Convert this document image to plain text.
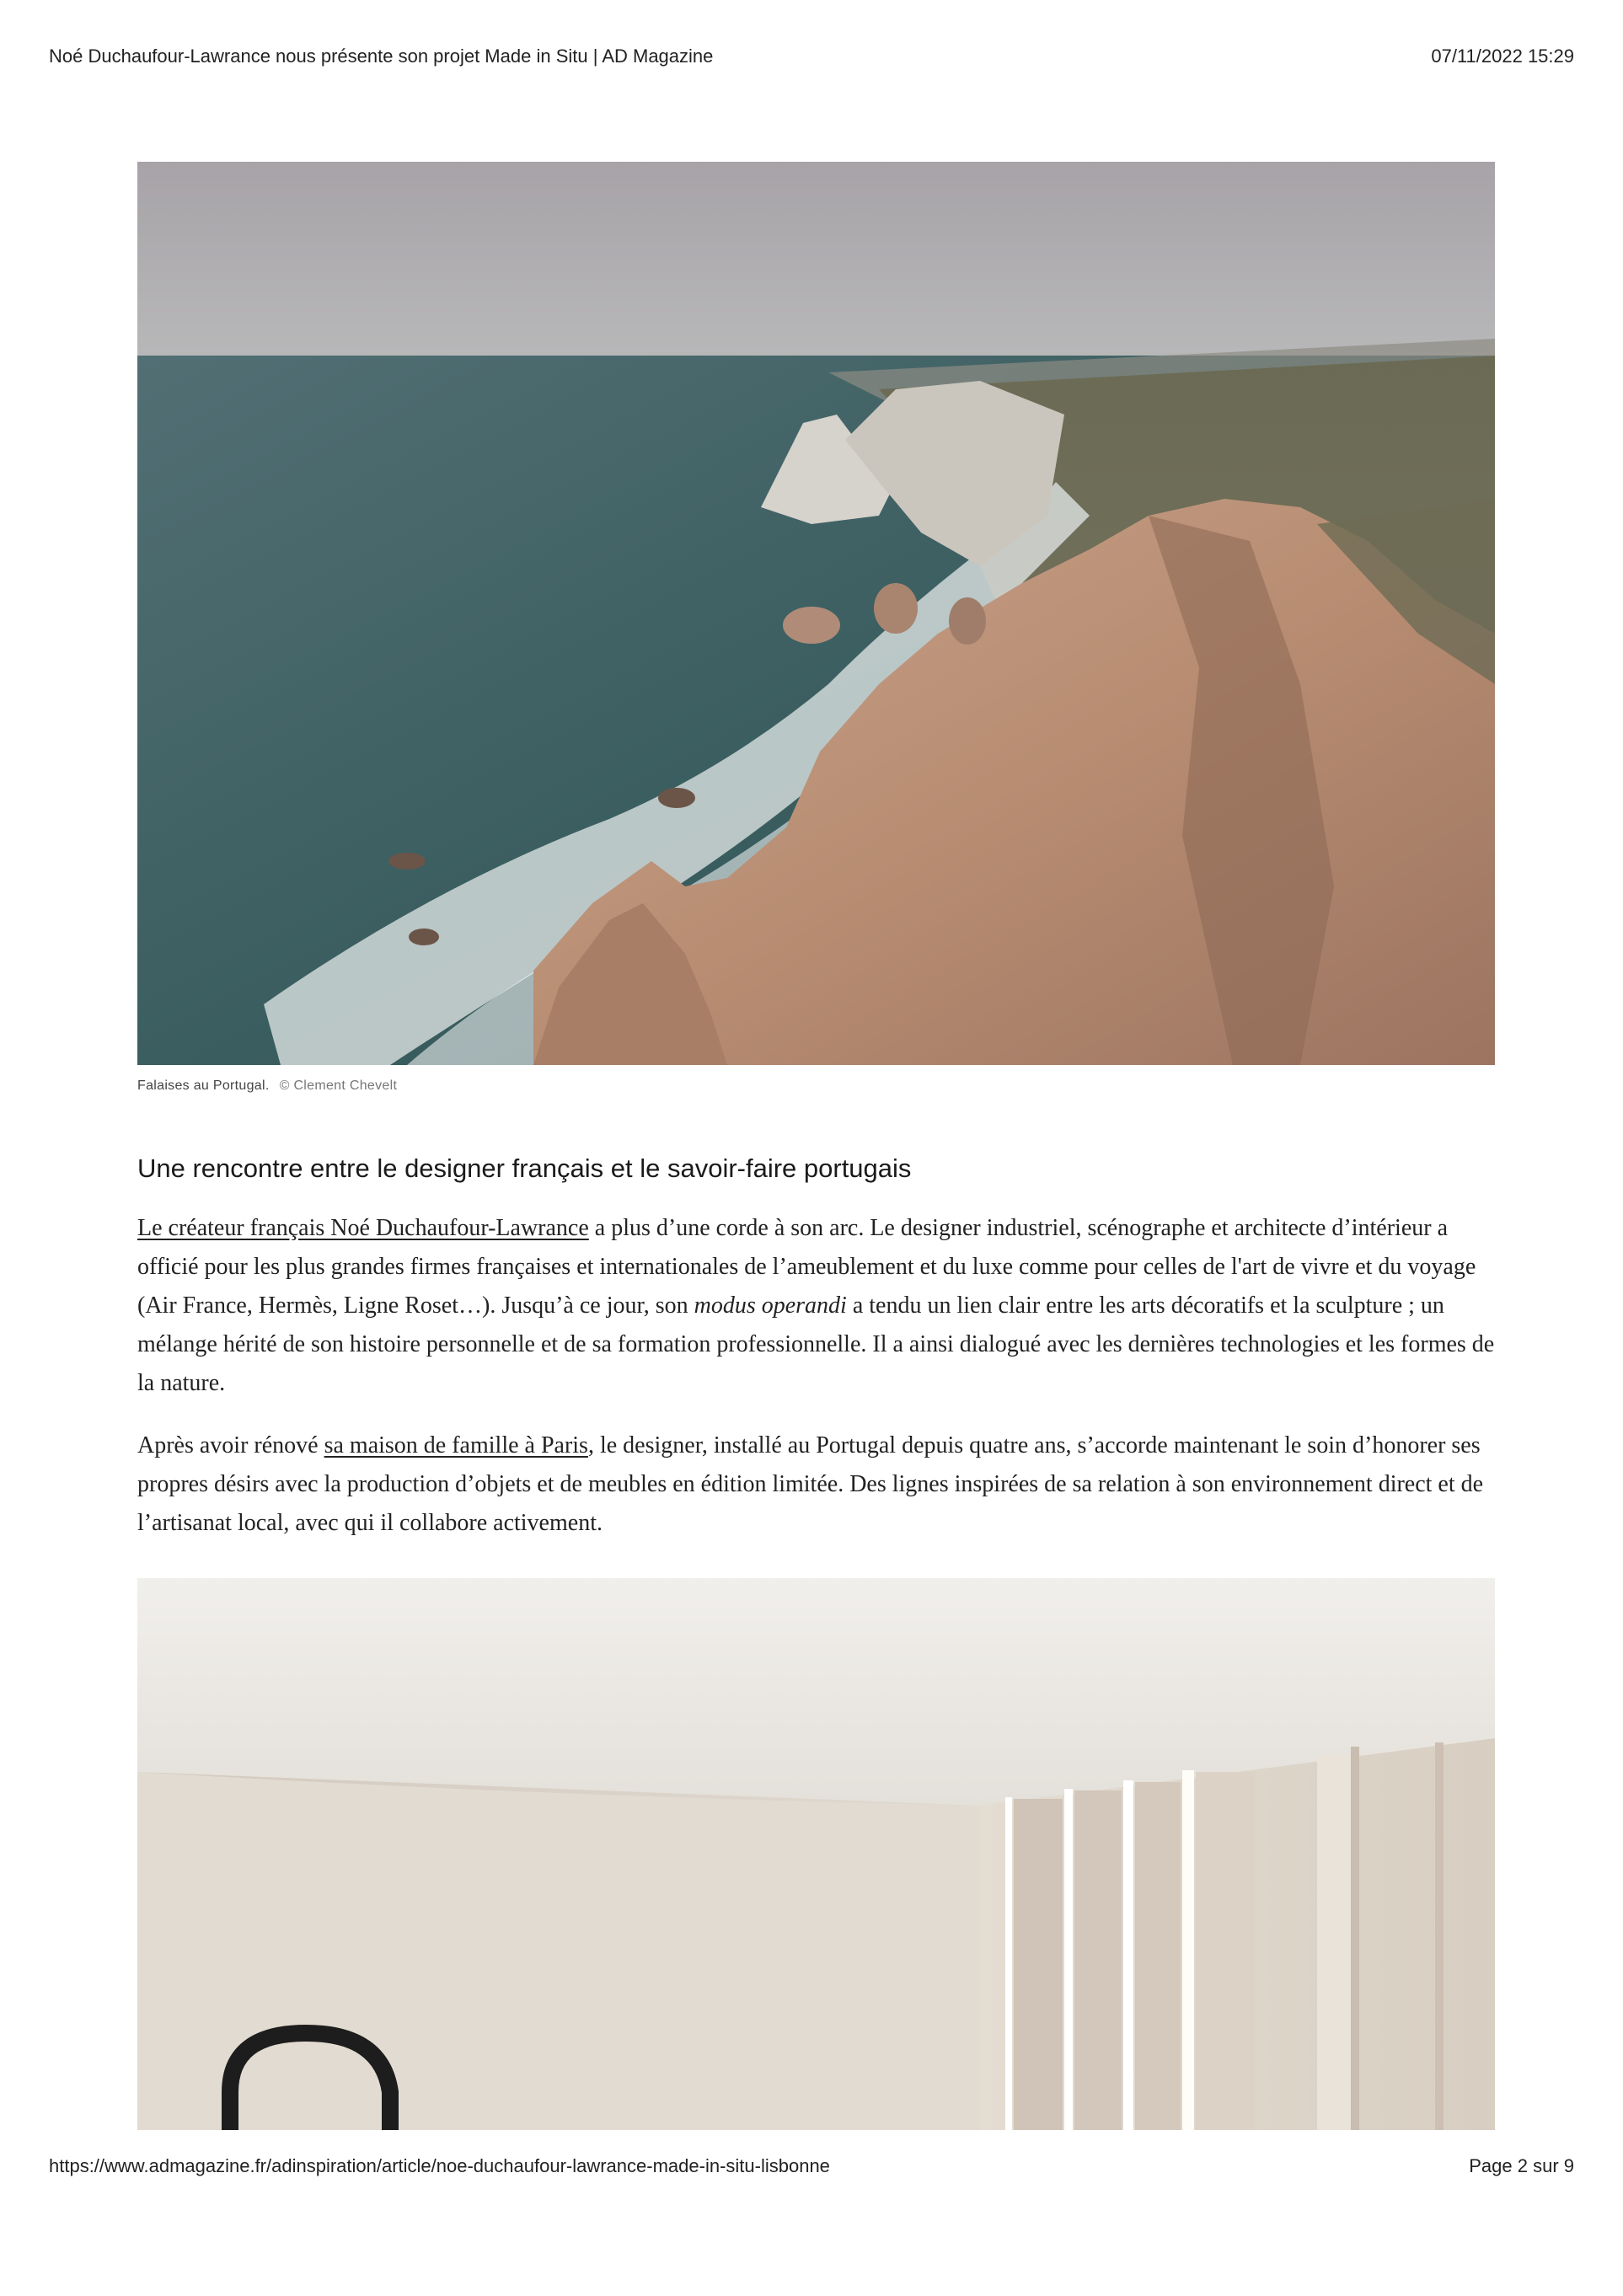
Noé Duchaufour-Lawrance nous présente son projet Made in Situ | AD Magazine	07/11/2022 15:29
Falaises au Portugal. © Clement Chevelt
Une rencontre entre le designer français et le savoir-faire portugais

Le créateur français Noé Duchaufour-Lawrance a plus d’une corde à son arc. Le designer industriel, scénographe et architecte d’intérieur a officié pour les plus grandes firmes françaises et internationales de l’ameublement et du luxe comme pour celles de l'art de vivre et du voyage (Air France, Hermès, Ligne Roset…). Jusqu’à ce jour, son modus operandi a tendu un lien clair entre les arts décoratifs et la sculpture ; un mélange hérité de son histoire personnelle et de sa formation professionnelle. Il a ainsi dialogué avec les dernières technologies et les formes de la nature.

Après avoir rénové sa maison de famille à Paris, le designer, installé au Portugal depuis quatre ans, s’accorde maintenant le soin d’honorer ses propres désirs avec la production d’objets et de meubles en édition limitée. Des lignes inspirées de sa relation à son environnement direct et de l’artisanat local, avec qui il collabore activement.

https://www.admagazine.fr/adinspiration/article/noe-duchaufour-lawrance-made-in-situ-lisbonne	Page 2 sur 9
